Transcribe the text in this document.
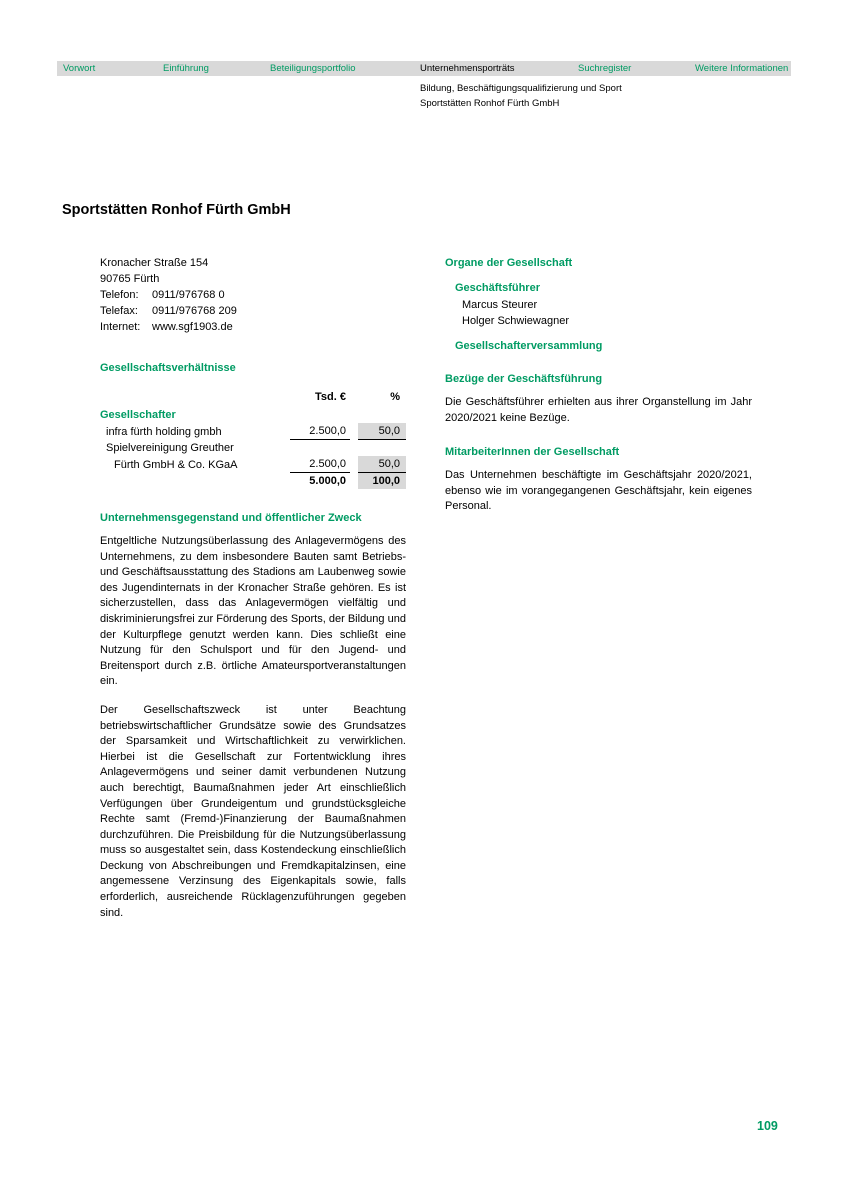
Vorwort	Einführung	Beteiligungsportfolio	Unternehmensporträts	Suchregister	Weitere Informationen
Bildung, Beschäftigungsqualifizierung und Sport
Sportstätten Ronhof Fürth GmbH
Sportstätten Ronhof Fürth GmbH
Kronacher Straße 154
90765 Fürth
Telefon: 0911/976768 0
Telefax: 0911/976768 209
Internet: www.sgf1903.de
Gesellschaftsverhältnisse
Tsd. €	%
Gesellschafter
infra fürth holding gmbh	2.500,0	50,0
Spielvereinigung Greuther
Fürth GmbH & Co. KGaA	2.500,0	50,0
5.000,0	100,0
Unternehmensgegenstand und öffentlicher Zweck

Entgeltliche Nutzungsüberlassung des Anlagevermögens des Unternehmens, zu dem insbesondere Bauten samt Betriebs- und Geschäftsausstattung des Stadions am Laubenweg sowie des Jugendinternats in der Kronacher Straße gehören. Es ist sicherzustellen, dass das Anlagevermögen vielfältig und diskriminierungsfrei zur Förderung des Sports, der Bildung und der Kulturpflege genutzt werden kann. Dies schließt eine Nutzung für den Schulsport und für den Jugend- und Breitensport durch z.B. örtliche Amateursportveranstaltungen ein.

Der Gesellschaftszweck ist unter Beachtung betriebswirtschaftlicher Grundsätze sowie des Grundsatzes der Sparsamkeit und Wirtschaftlichkeit zu verwirklichen. Hierbei ist die Gesellschaft zur Fortentwicklung ihres Anlagevermögens und seiner damit verbundenen Nutzung auch berechtigt, Baumaßnahmen jeder Art einschließlich Verfügungen über Grundeigentum und grundstücksgleiche Rechte samt (Fremd-)Finanzierung der Baumaßnahmen durchzuführen. Die Preisbildung für die Nutzungsüberlassung muss so ausgestaltet sein, dass Kostendeckung einschließlich Deckung von Abschreibungen und Fremdkapitalzinsen, eine angemessene Verzinsung des Eigenkapitals sowie, falls erforderlich, ausreichende Rücklagenzuführungen gegeben sind.

Organe der Gesellschaft
Geschäftsführer
Marcus Steurer
Holger Schwiewagner
Gesellschafterversammlung
Bezüge der Geschäftsführung

Die Geschäftsführer erhielten aus ihrer Organstellung im Jahr 2020/2021 keine Bezüge.

MitarbeiterInnen der Gesellschaft

Das Unternehmen beschäftigte im Geschäftsjahr 2020/2021, ebenso wie im vorangegangenen Geschäftsjahr, kein eigenes Personal.

109
